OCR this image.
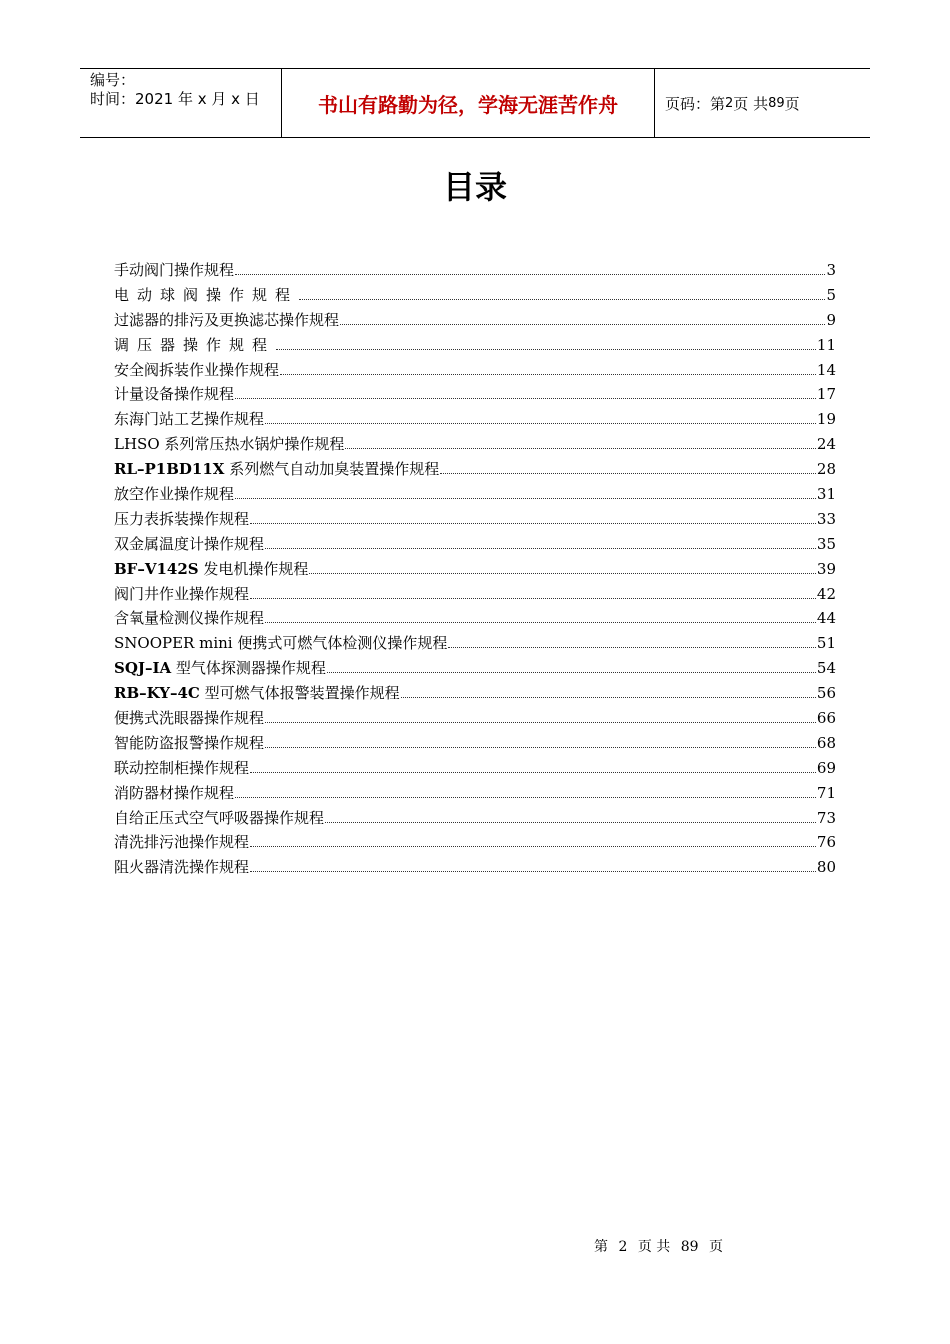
编号：
时间：2021 年 x 月 x 日	书山有路勤为径，学海无涯苦作舟	页码：第 2 页 共 89 页
目录
手动阀门操作规程	3
电动球阀操作规程	5
过滤器的排污及更换滤芯操作规程	9
调压器操作规程	11
安全阀拆装作业操作规程	14
计量设备操作规程	17
东海门站工艺操作规程	19
LHSO 系列常压热水锅炉操作规程	24
RL–P1BD11X 系列燃气自动加臭装置操作规程	28
放空作业操作规程	31
压力表拆装操作规程	33
双金属温度计操作规程	35
BF–V142S 发电机操作规程	39
阀门井作业操作规程	42
含氧量检测仪操作规程	44
SNOOPER mini 便携式可燃气体检测仪操作规程	51
SQJ–IA 型气体探测器操作规程	54
RB–KY–4C 型可燃气体报警装置操作规程	56
便携式洗眼器操作规程	66
智能防盗报警操作规程	68
联动控制柜操作规程	69
消防器材操作规程	71
自给正压式空气呼吸器操作规程	73
清洗排污池操作规程	76
阻火器清洗操作规程	80
第 2 页 共 89 页
